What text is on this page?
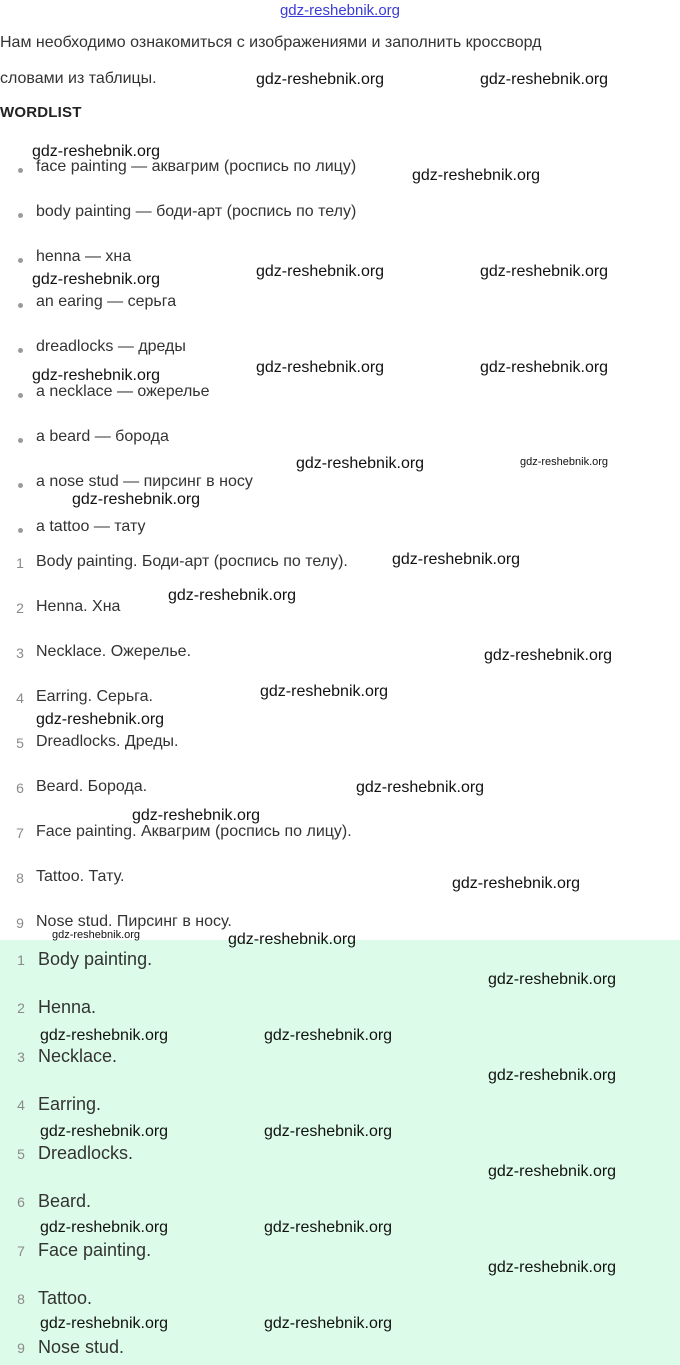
gdz-reshebnik.org
Нам необходимо ознакомиться с изображениями и заполнить кроссворд
словами из таблицы.
WORDLIST
face painting — аквагрим (роспись по лицу)
body painting — боди-арт (роспись по телу)
henna — хна
an earing — серьга
dreadlocks — дреды
a necklace — ожерелье
a beard — борода
a nose stud — пирсинг в носу
a tattoo — тату
1 Body painting. Боди-арт (роспись по телу).
2 Henna. Хна
3 Necklace. Ожерелье.
4 Earring. Серьга.
5 Dreadlocks. Дреды.
6 Beard. Борода.
7 Face painting. Аквагрим (роспись по лицу).
8 Tattoo. Тату.
9 Nose stud. Пирсинг в носу.
1 Body painting.
2 Henna.
3 Necklace.
4 Earring.
5 Dreadlocks.
6 Beard.
7 Face painting.
8 Tattoo.
9 Nose stud.
gdz-reshebnik.org	gdz-reshebnik.org
gdz-reshebnik.org
gdz-reshebnik.org
gdz-reshebnik.org	gdz-reshebnik.org
gdz-reshebnik.org
gdz-reshebnik.org	gdz-reshebnik.org
gdz-reshebnik.org
gdz-reshebnik.org	gdz-reshebnik.org
gdz-reshebnik.org
gdz-reshebnik.org
gdz-reshebnik.org
gdz-reshebnik.org
gdz-reshebnik.org
gdz-reshebnik.org
gdz-reshebnik.org
gdz-reshebnik.org
gdz-reshebnik.org
gdz-reshebnik.org	gdz-reshebnik.org
gdz-reshebnik.org
gdz-reshebnik.org	gdz-reshebnik.org
gdz-reshebnik.org
gdz-reshebnik.org	gdz-reshebnik.org
gdz-reshebnik.org
gdz-reshebnik.org	gdz-reshebnik.org
gdz-reshebnik.org
gdz-reshebnik.org	gdz-reshebnik.org
